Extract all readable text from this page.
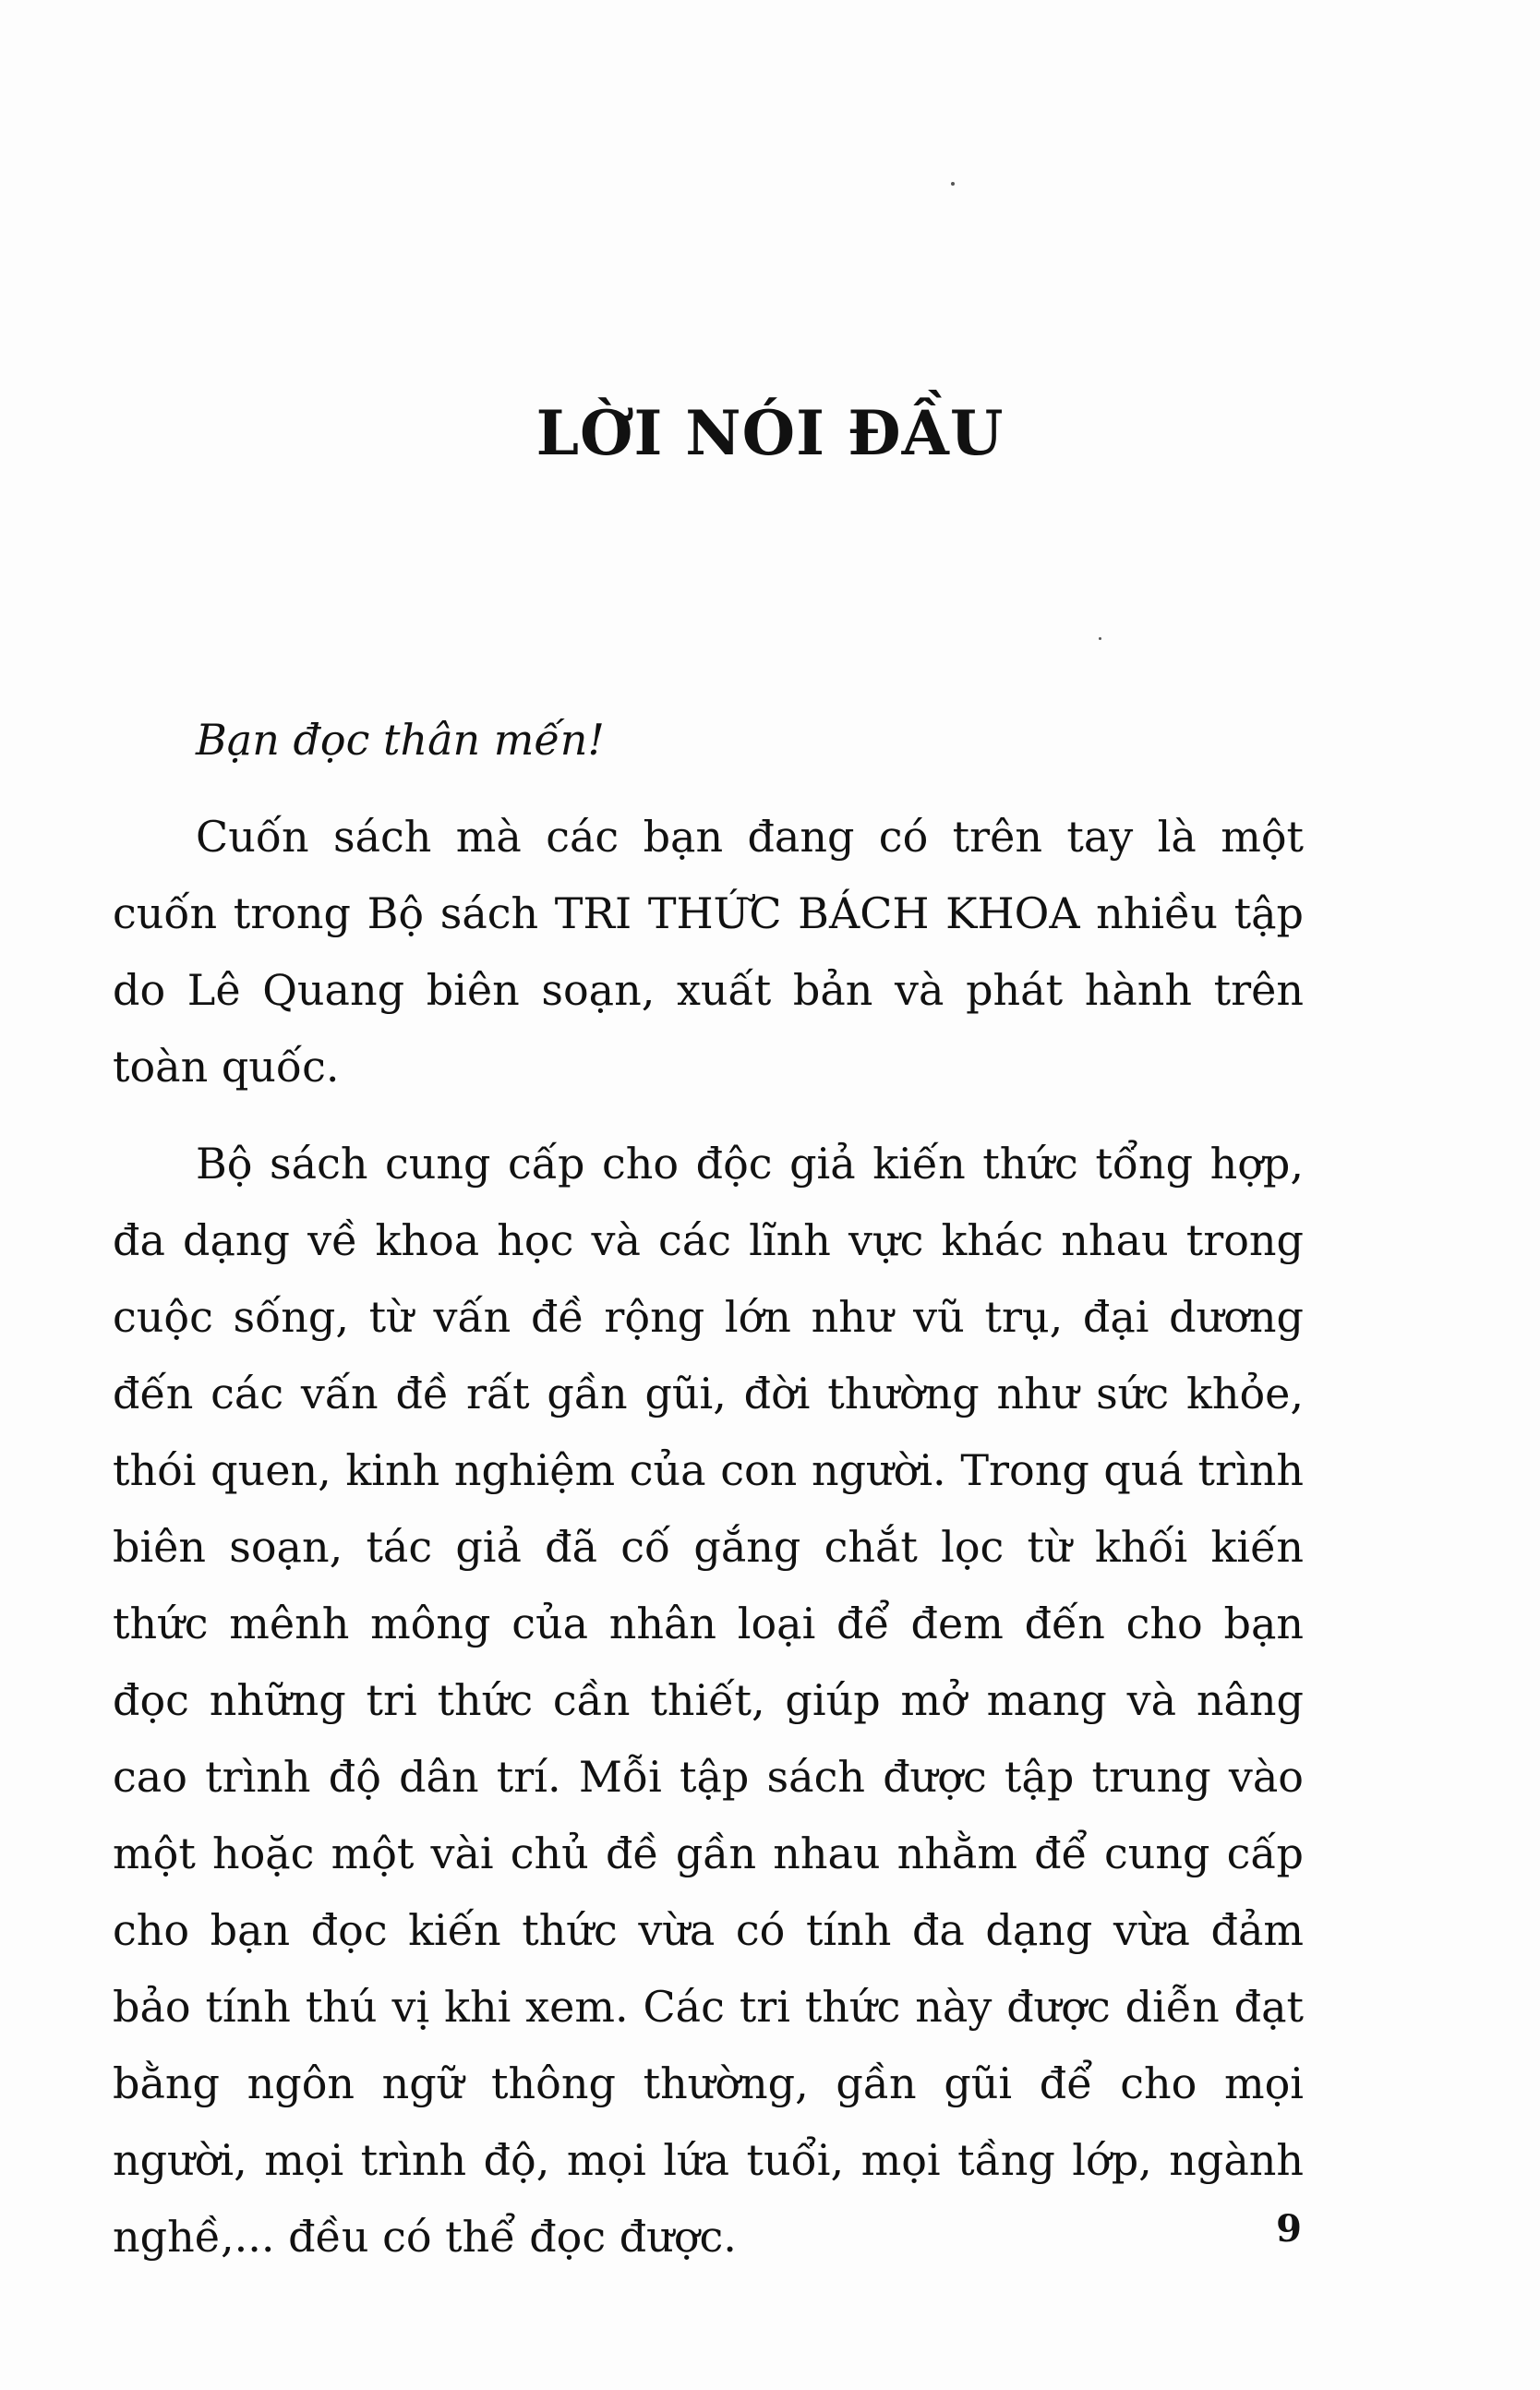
LỜI NÓI ĐẦU

Bạn đọc thân mến!

Cuốn sách mà các bạn đang có trên tay là một cuốn trong Bộ sách TRI THỨC BÁCH KHOA nhiều tập do Lê Quang biên soạn, xuất bản và phát hành trên toàn quốc.

Bộ sách cung cấp cho độc giả kiến thức tổng hợp, đa dạng về khoa học và các lĩnh vực khác nhau trong cuộc sống, từ vấn đề rộng lớn như vũ trụ, đại dương đến các vấn đề rất gần gũi, đời thường như sức khỏe, thói quen, kinh nghiệm của con người. Trong quá trình biên soạn, tác giả đã cố gắng chắt lọc từ khối kiến thức mênh mông của nhân loại để đem đến cho bạn đọc những tri thức cần thiết, giúp mở mang và nâng cao trình độ dân trí. Mỗi tập sách được tập trung vào một hoặc một vài chủ đề gần nhau nhằm để cung cấp cho bạn đọc kiến thức vừa có tính đa dạng vừa đảm bảo tính thú vị khi xem. Các tri thức này được diễn đạt bằng ngôn ngữ thông thường, gần gũi để cho mọi người, mọi trình độ, mọi lứa tuổi, mọi tầng lớp, ngành nghề,... đều có thể đọc được.	9
